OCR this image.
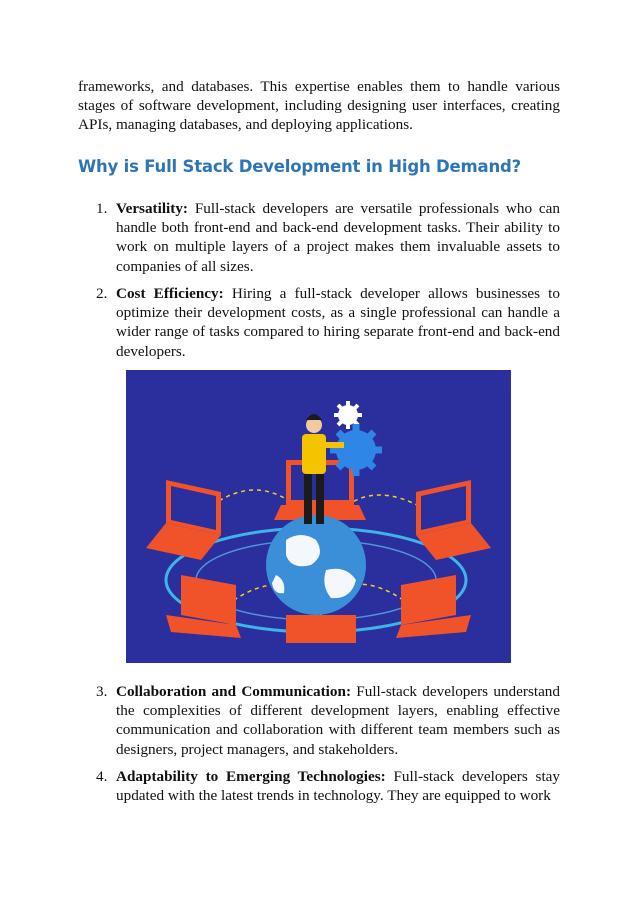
frameworks, and databases. This expertise enables them to handle various stages of software development, including designing user interfaces, creating APIs, managing databases, and deploying applications.

Why is Full Stack Development in High Demand?
1. Versatility: Full-stack developers are versatile professionals who can handle both front-end and back-end development tasks. Their ability to work on multiple layers of a project makes them invaluable assets to companies of all sizes.
2. Cost Efficiency: Hiring a full-stack developer allows businesses to optimize their development costs, as a single professional can handle a wider range of tasks compared to hiring separate front-end and back-end developers.
3. Collaboration and Communication: Full-stack developers understand the complexities of different development layers, enabling effective communication and collaboration with different team members such as designers, project managers, and stakeholders.
4. Adaptability to Emerging Technologies: Full-stack developers stay updated with the latest trends in technology. They are equipped to work
